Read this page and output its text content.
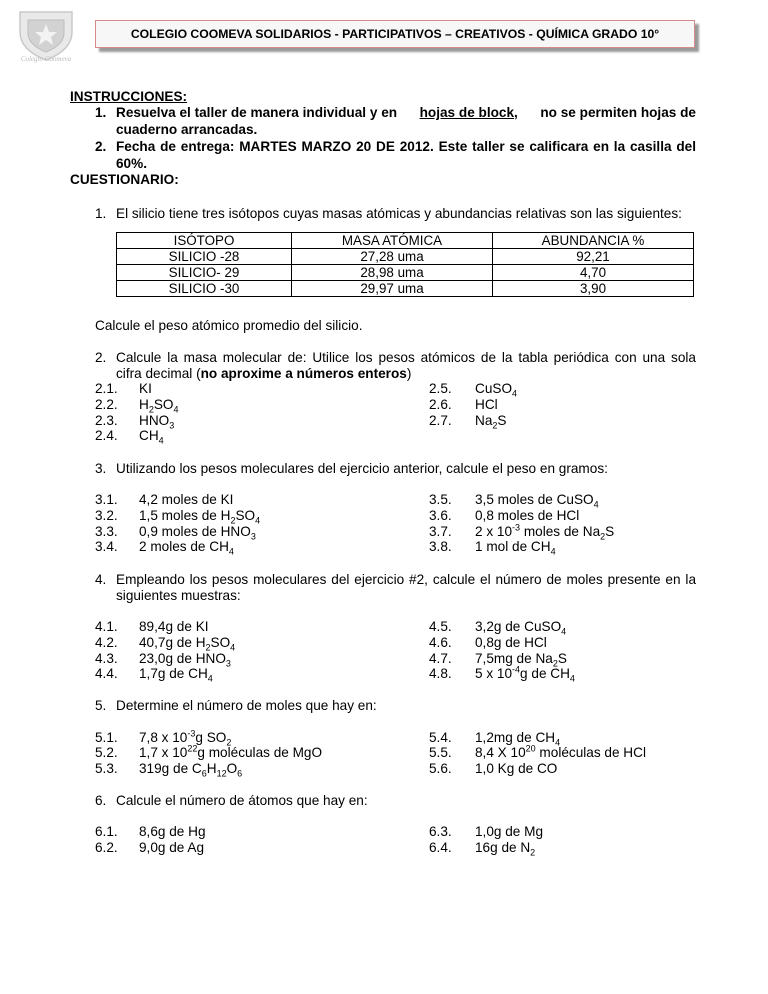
Colegio Coomeva
COLEGIO COOMEVA SOLIDARIOS - PARTICIPATIVOS – CREATIVOS - QUÍMICA GRADO 10°
INSTRUCCIONES:
1. Resuelva el taller de manera individual y en hojas de block, no se permiten hojas de
cuaderno arrancadas.
2. Fecha de entrega: MARTES MARZO 20 DE 2012. Este taller se calificara en la casilla del
60%.
CUESTIONARIO:
1. El silicio tiene tres isótopos cuyas masas atómicas y abundancias relativas son las siguientes:
ISÓTOPO	MASA ATÓMICA	ABUNDANCIA %
SILICIO -28	27,28 uma	92,21
SILICIO- 29	28,98 uma	4,70
SILICIO -30	29,97 uma	3,90
Calcule el peso atómico promedio del silicio.
2. Calcule la masa molecular de: Utilice los pesos atómicos de la tabla periódica con una sola
cifra decimal (no aproxime a números enteros)
2.1. KI
2.2. $H_2SO_4$
2.3. $HNO_3$
2.4. $CH_4$
2.5. CuSO$_4$
2.6. HCl
2.7. $Na_2S$
3. Utilizando los pesos moleculares del ejercicio anterior, calcule el peso en gramos:
3.1. 4,2 moles de KI
3.2. 1,5 moles de $H_2SO_4$
3.3. 0,9 moles de $HNO_3$
3.4. 2 moles de $CH_4$
3.5. 3,5 moles de CuSO$_4$
3.6. 0,8 moles de HCl
3.7. 2 x $10^{-3}$ moles de $Na_2S$
3.8. 1 mol de $CH_4$
4. Empleando los pesos moleculares del ejercicio #2, calcule el número de moles presente en la
siguientes muestras:
4.1. 89,4g de KI
4.2. 40,7g de $H_2SO_4$
4.3. 23,0g de $HNO_3$
4.4. 1,7g de $CH_4$
4.5. 3,2g de CuSO$_4$
4.6. 0,8g de HCl
4.7. 7,5mg de $Na_2S$
4.8. 5 x $10^{-4}g$ de $CH_4$
5. Determine el número de moles que hay en:
5.1. 7,8 x $10^{-3}g$ $SO_2$
5.2. 1,7 x $10^{22}g$ moléculas de MgO
5.3. 319g de $C_6H_{12}O_6$
5.4. 1,2mg de $CH_4$
5.5. 8,4 X $10^{20}$ moléculas de HCl
5.6. 1,0 Kg de CO
6. Calcule el número de átomos que hay en:
6.1. 8,6g de Hg
6.2. 9,0g de Ag
6.3. 1,0g de Mg
6.4. 16g de $N_2$
